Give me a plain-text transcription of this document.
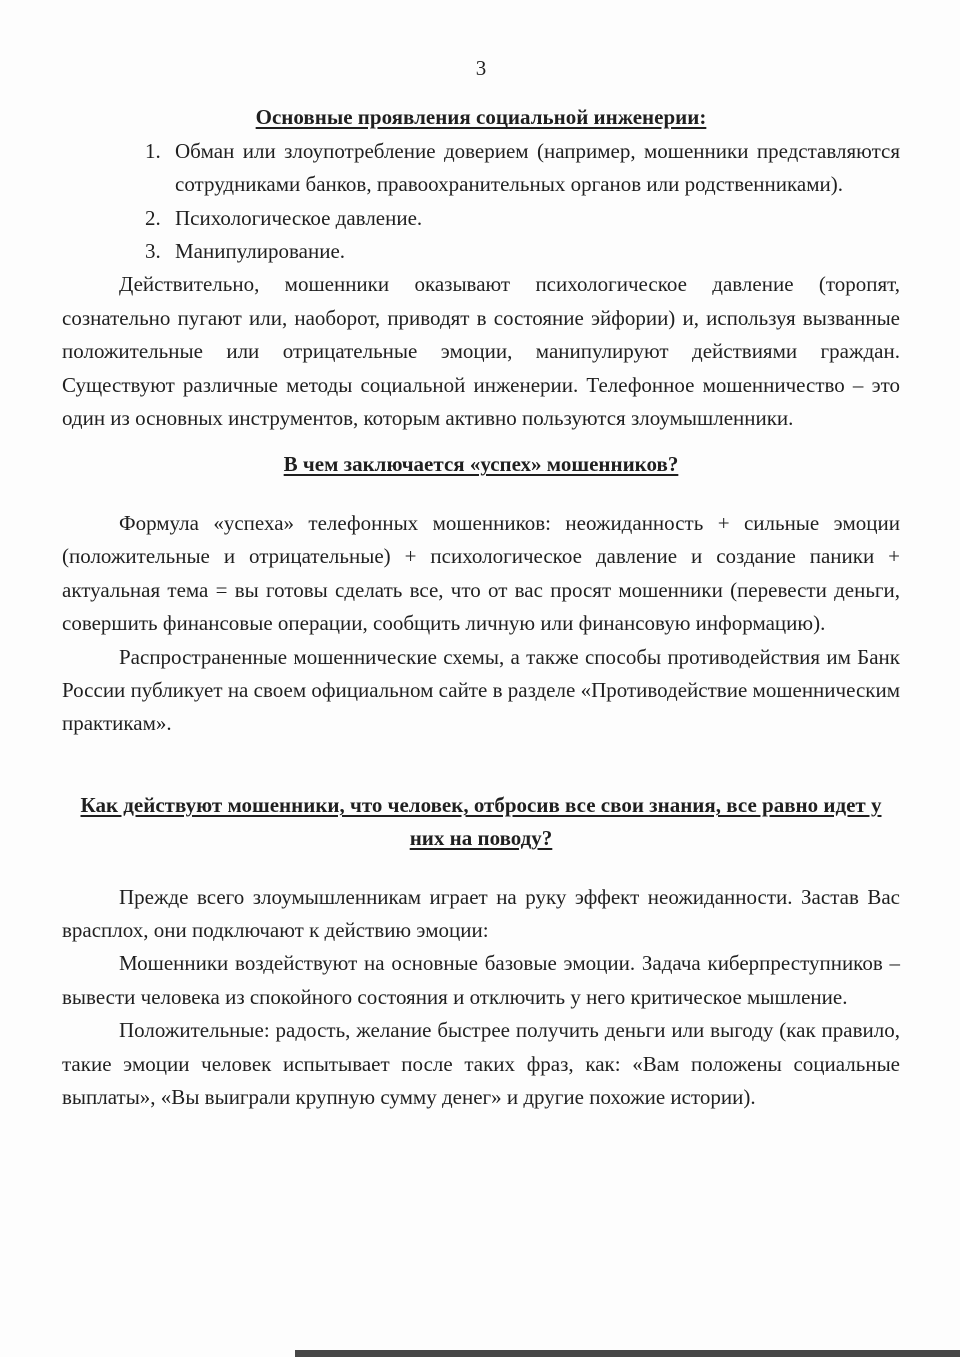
3
Основные проявления социальной инженерии:
1. Обман или злоупотребление доверием (например, мошенники представляются сотрудниками банков, правоохранительных органов или родственниками).
2. Психологическое давление.
3. Манипулирование.

Действительно, мошенники оказывают психологическое давление (торопят, сознательно пугают или, наоборот, приводят в состояние эйфории) и, используя вызванные положительные или отрицательные эмоции, манипулируют действиями граждан. Существуют различные методы социальной инженерии. Телефонное мошенничество – это один из основных инструментов, которым активно пользуются злоумышленники.

В чем заключается «успех» мошенников?

Формула «успеха» телефонных мошенников: неожиданность + сильные эмоции (положительные и отрицательные) + психологическое давление и создание паники + актуальная тема = вы готовы сделать все, что от вас просят мошенники (перевести деньги, совершить финансовые операции, сообщить личную или финансовую информацию).

Распространенные мошеннические схемы, а также способы противодействия им Банк России публикует на своем официальном сайте в разделе «Противодействие мошенническим практикам».

Как действуют мошенники, что человек, отбросив все свои знания, все равно идет у них на поводу?

Прежде всего злоумышленникам играет на руку эффект неожиданности. Застав Вас врасплох, они подключают к действию эмоции:

Мошенники воздействуют на основные базовые эмоции. Задача киберпреступников – вывести человека из спокойного состояния и отключить у него критическое мышление.

Положительные: радость, желание быстрее получить деньги или выгоду (как правило, такие эмоции человек испытывает после таких фраз, как: «Вам положены социальные выплаты», «Вы выиграли крупную сумму денег» и другие похожие истории).
